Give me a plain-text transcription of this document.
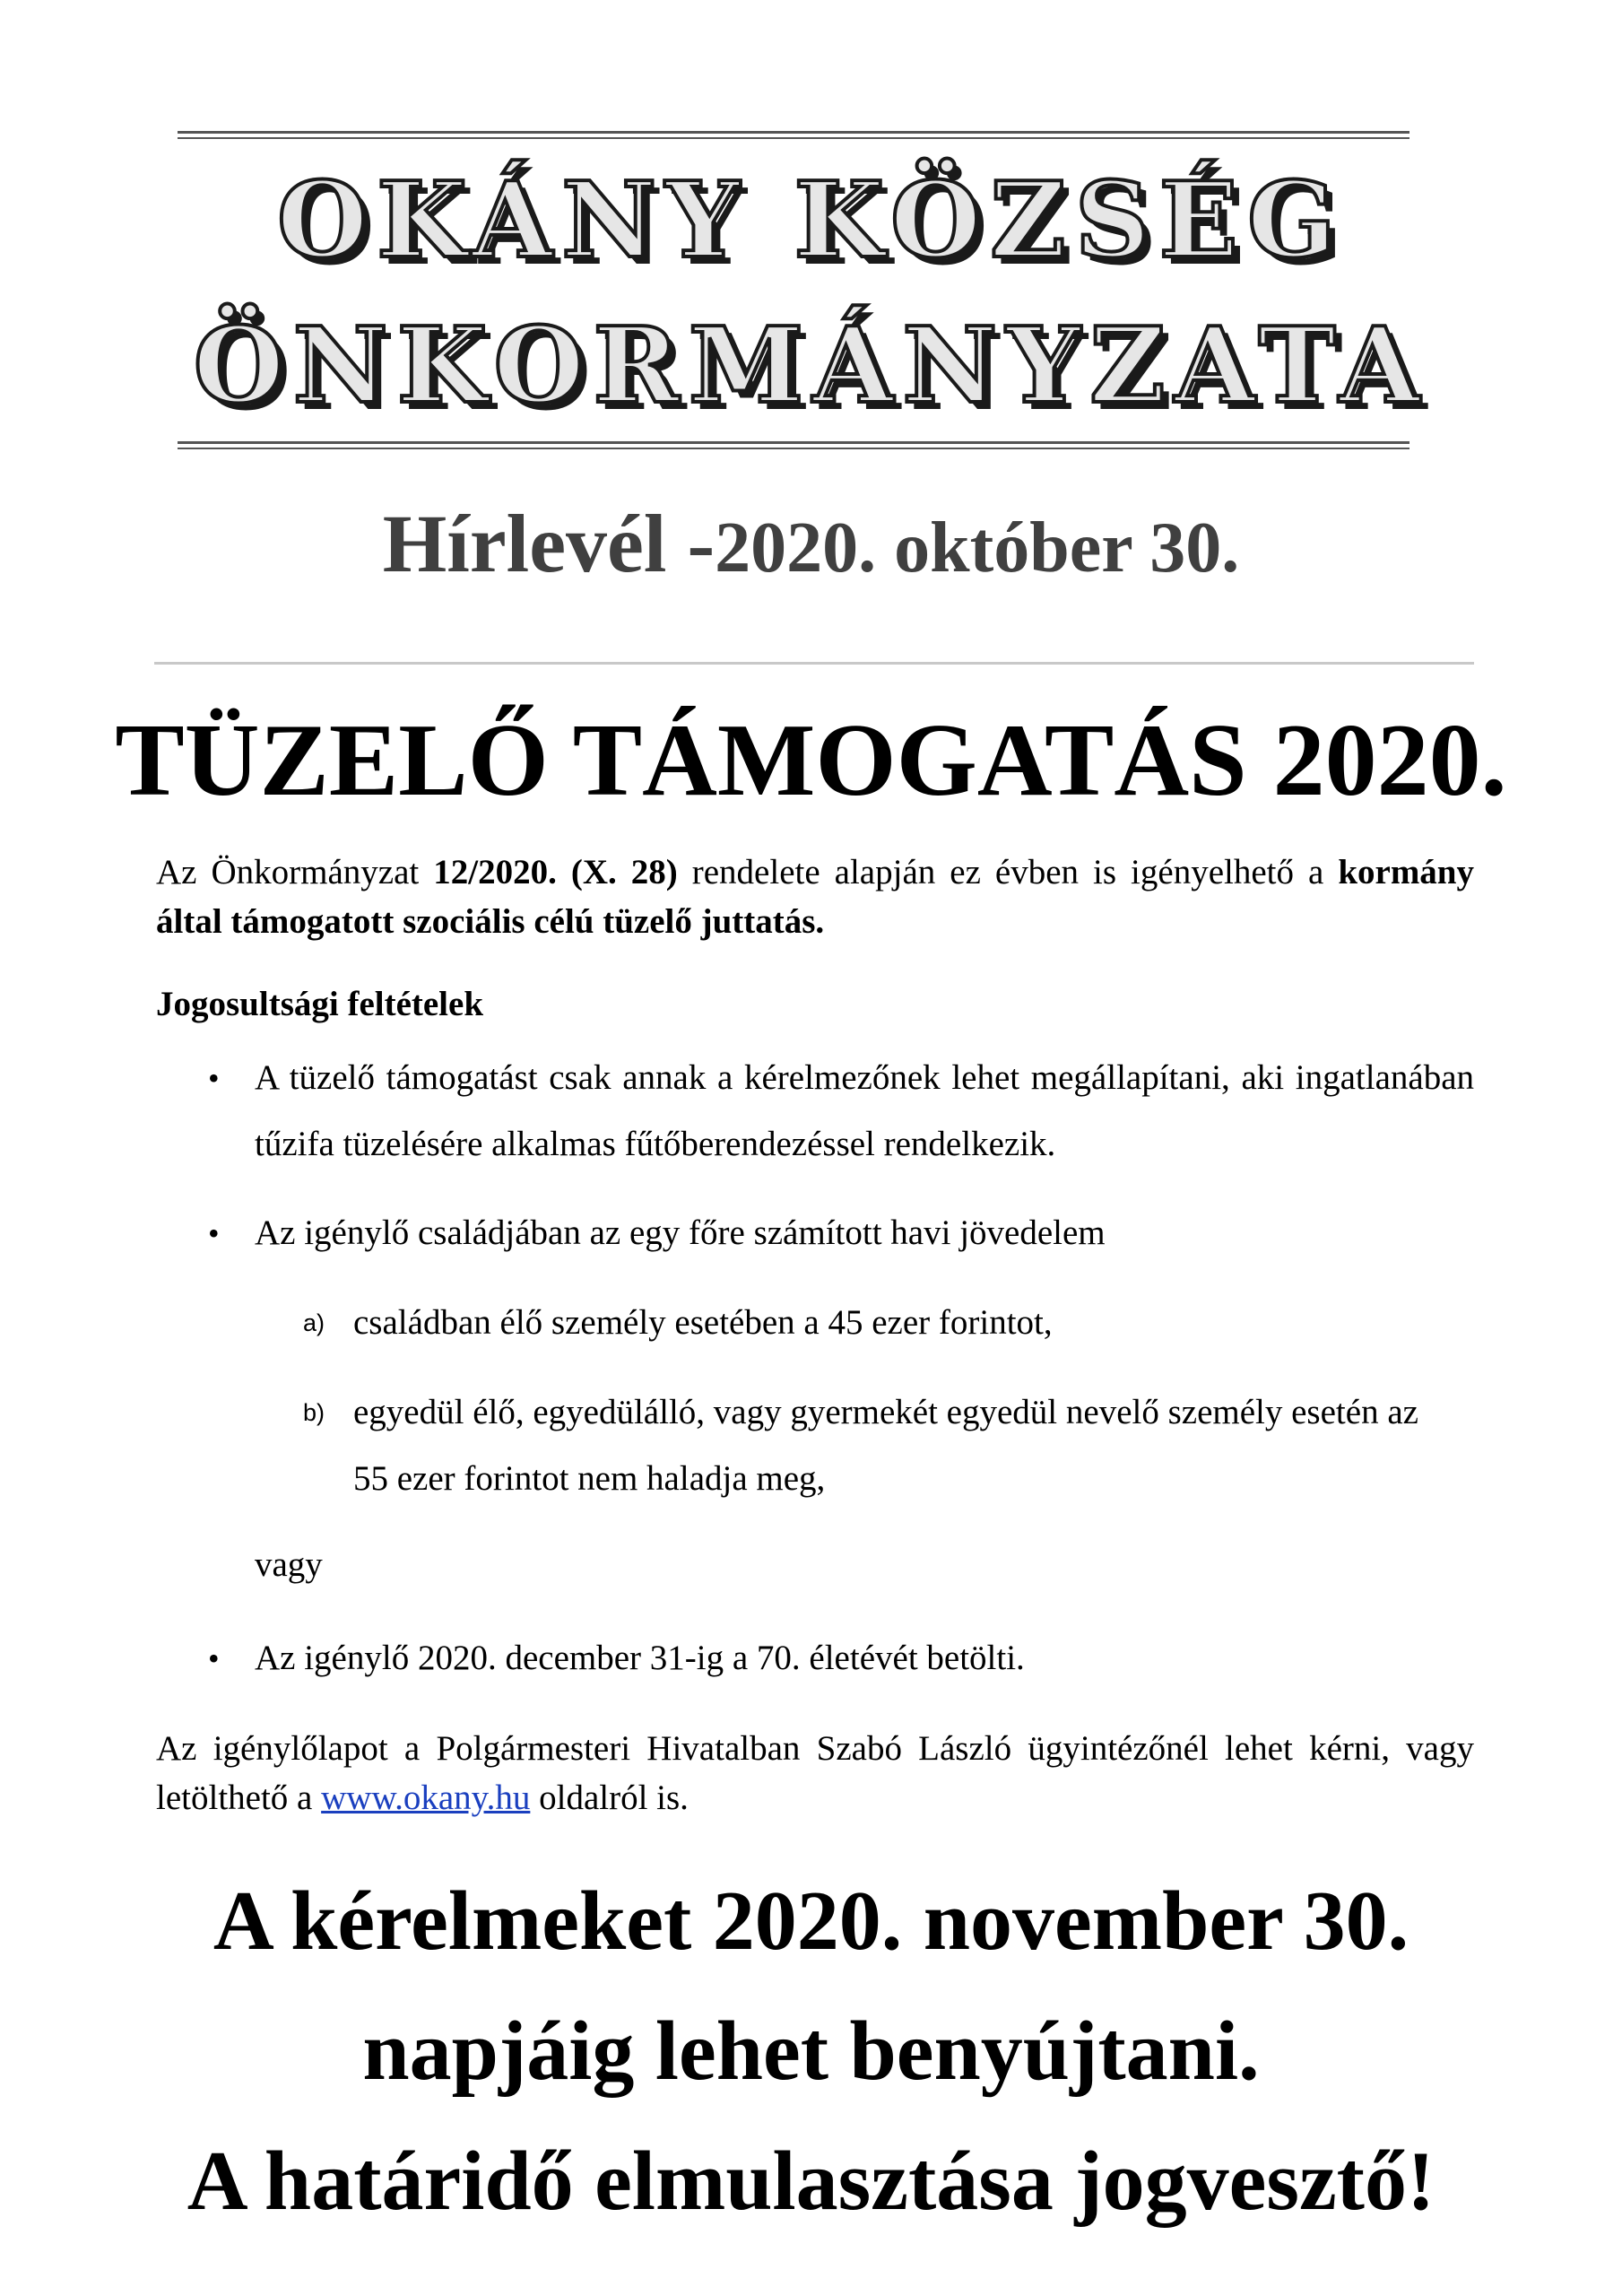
OKÁNY KÖZSÉG
ÖNKORMÁNYZATA
Hírlevél -2020. október 30.
TÜZELŐ TÁMOGATÁS 2020.
Az Önkormányzat 12/2020. (X. 28) rendelete alapján ez évben is igényelhető a kormány által támogatott szociális célú tüzelő juttatás.
Jogosultsági feltételek
• A tüzelő támogatást csak annak a kérelmezőnek lehet megállapítani, aki ingatlanában tűzifa tüzelésére alkalmas fűtőberendezéssel rendelkezik.
• Az igénylő családjában az egy főre számított havi jövedelem
a) családban élő személy esetében a 45 ezer forintot,
b) egyedül élő, egyedülálló, vagy gyermekét egyedül nevelő személy esetén az 55 ezer forintot nem haladja meg,
vagy
• Az igénylő 2020. december 31-ig a 70. életévét betölti.
Az igénylőlapot a Polgármesteri Hivatalban Szabó László ügyintézőnél lehet kérni, vagy letölthető a www.okany.hu oldalról is.
A kérelmeket 2020. november 30.
napjáig lehet benyújtani.
A határidő elmulasztása jogvesztő!
